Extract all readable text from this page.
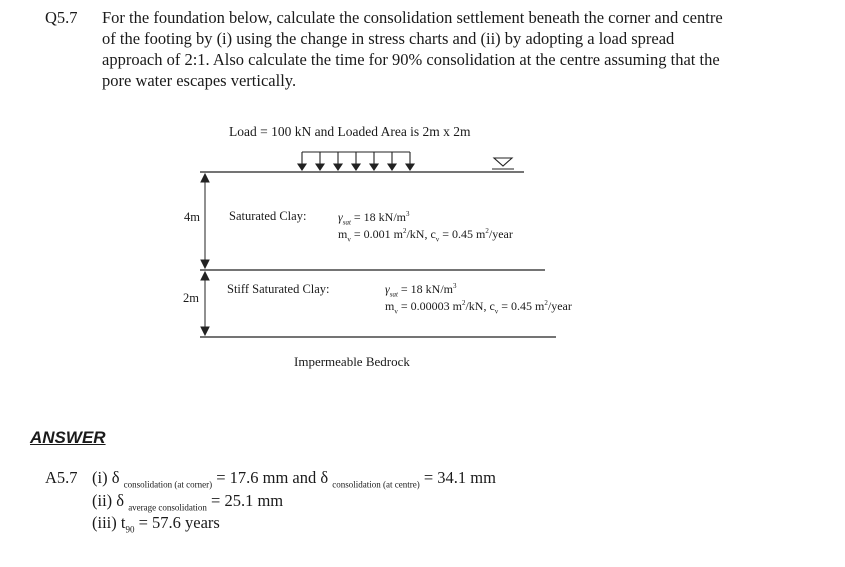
Q5.7 For the foundation below, calculate the consolidation settlement beneath the corner and centre
of the footing by (i) using the change in stress charts and (ii) by adopting a load spread
approach of 2:1. Also calculate the time for 90% consolidation at the centre assuming that the
pore water escapes vertically.
Load = 100 kN and Loaded Area is 2m x 2m
4m Saturated Clay:	$\gamma_{sat} = 18$ $kN/m^3$
$m_v = 0.001$ $m^2/kN$, $c_v = 0.45$ $m^2$/year
2m
Stiff Saturated Clay:	$\gamma_{sat} = 18$ $kN/m^3$
$m_v = 0.00003$ $m^2/kN$, $c_v = 0.45$ $m^2$/year
Impermeable Bedrock
ANSWER
A5.7 (i) δ $_{consolidation (at corner)}$ = 17.6 mm and δ $_{consolidation (at centre)}$ = 34.1 mm
(ii) δ $_{average consolidation}$ = 25.1 mm
(iii) $t_{90} = 57.6$ years
